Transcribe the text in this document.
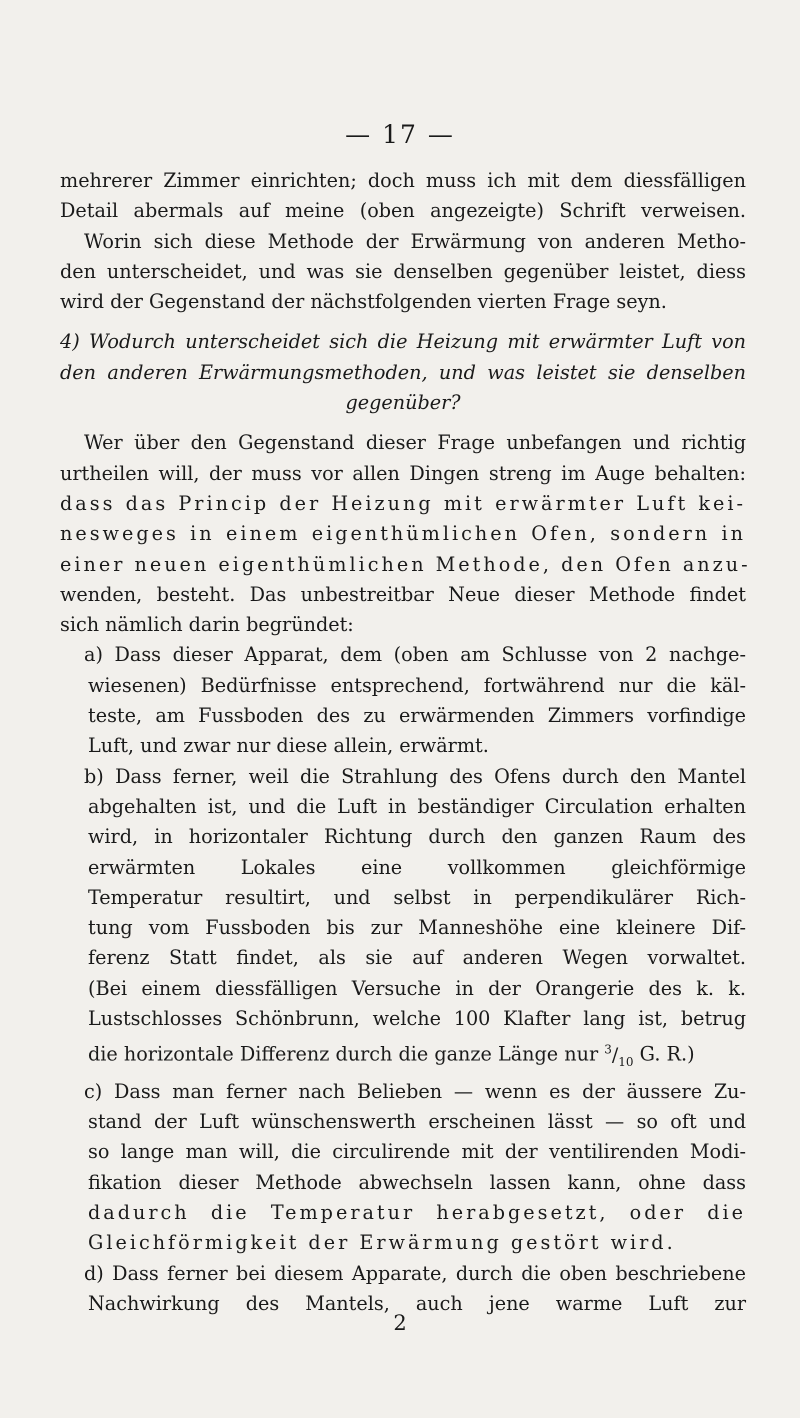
— 17 —
mehrerer Zimmer einrichten; doch muss ich mit dem diessfälligen
Detail abermals auf meine (oben angezeigte) Schrift verweisen.
Worin sich diese Methode der Erwärmung von anderen Metho-
den unterscheidet, und was sie denselben gegenüber leistet, diess
wird der Gegenstand der nächstfolgenden vierten Frage seyn.
4) Wodurch unterscheidet sich die Heizung mit erwärmter Luft von
den anderen Erwärmungsmethoden, und was leistet sie denselben
gegenüber?
Wer über den Gegenstand dieser Frage unbefangen und richtig
urtheilen will, der muss vor allen Dingen streng im Auge behalten:
dass das Princip der Heizung mit erwärmter Luft kei-
nesweges in einem eigenthümlichen Ofen, sondern in
einer neuen eigenthümlichen Methode, den Ofen anzu-
wenden, besteht. Das unbestreitbar Neue dieser Methode findet
sich nämlich darin begründet:
a) Dass dieser Apparat, dem (oben am Schlusse von 2 nachge-
wiesenen) Bedürfnisse entsprechend, fortwährend nur die käl-
teste, am Fussboden des zu erwärmenden Zimmers vorfindige
Luft, und zwar nur diese allein, erwärmt.
b) Dass ferner, weil die Strahlung des Ofens durch den Mantel
abgehalten ist, und die Luft in beständiger Circulation erhalten
wird, in horizontaler Richtung durch den ganzen Raum des
erwärmten Lokales eine vollkommen gleichförmige
Temperatur resultirt, und selbst in perpendikulärer Rich-
tung vom Fussboden bis zur Manneshöhe eine kleinere Dif-
ferenz Statt findet, als sie auf anderen Wegen vorwaltet.
(Bei einem diessfälligen Versuche in der Orangerie des k. k.
Lustschlosses Schönbrunn, welche 100 Klafter lang ist, betrug
die horizontale Differenz durch die ganze Länge nur $^3/_{10}$ G. R.)
c) Dass man ferner nach Belieben — wenn es der äussere Zu-
stand der Luft wünschenswerth erscheinen lässt — so oft und
so lange man will, die circulirende mit der ventilirenden Modi-
fikation dieser Methode abwechseln lassen kann, ohne dass
dadurch die Temperatur herabgesetzt, oder die
Gleichförmigkeit der Erwärmung gestört wird.
d) Dass ferner bei diesem Apparate, durch die oben beschriebene
Nachwirkung des Mantels, auch jene warme Luft zur
2
